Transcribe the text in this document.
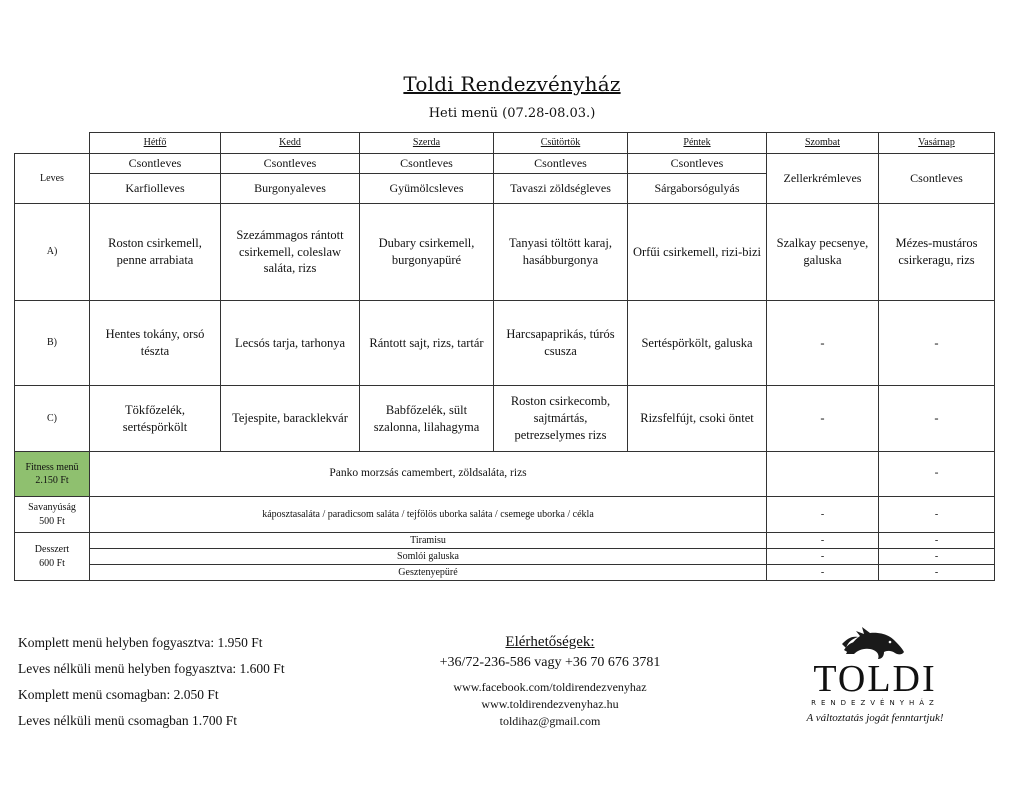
Toldi Rendezvényház
Heti menü (07.28-08.03.)
	Hétfő	Kedd	Szerda	Csütörtök	Péntek	Szombat	Vasárnap
Leves	Csontleves	Csontleves	Csontleves	Csontleves	Csontleves	Zellerkrémleves	Csontleves
	Karfiolleves	Burgonyaleves	Gyümölcsleves	Tavaszi zöldségleves	Sárgaborsógulyás		
A)	Roston csirkemell, penne arrabiata	Szezámmagos rántott csirkemell, coleslaw saláta, rizs	Dubary csirkemell, burgonyapüré	Tanyasi töltött karaj, hasábburgonya	Orfűi csirkemell, rizi-bizi	Szalkay pecsenye, galuska	Mézes-mustáros csirkeragu, rizs
B)	Hentes tokány, orsó tészta	Lecsós tarja, tarhonya	Rántott sajt, rizs, tartár	Harcsapaprikás, túrós csusza	Sertéspörkölt, galuska	-	-
C)	Tökfőzelék, sertéspörkölt	Tejespite, baracklekvár	Babfőzelék, sült szalonna, lilahagyma	Roston csirkecomb, sajtmártás, petrezselymes rizs	Rizsfelfújt, csoki öntet	-	-

Fitness menü
2.150 Ft	Panko morzsás camembert, zöldsaláta, rizs						-

Savanyúság
500 Ft	káposztasaláta / paradicsom saláta / tejfölös uborka saláta / csemege uborka / cékla					-	-

Desszert
600 Ft	Tiramisu					-	-
	Somlói galuska					-	-
	Gesztenyepüré					-	-
Komplett menü helyben fogyasztva: 1.950 Ft
Leves nélküli menü helyben fogyasztva: 1.600 Ft
Komplett menü csomagban: 2.050 Ft
Leves nélküli menü csomagban 1.700 Ft
Elérhetőségek:
+36/72-236-586 vagy +36 70 676 3781
www.facebook.com/toldirendezvenyhaz
www.toldirendezvenyhaz.hu
toldihaz@gmail.com
TOLDI
RENDEZVÉNYHÁZ
A változtatás jogát fenntartjuk!
